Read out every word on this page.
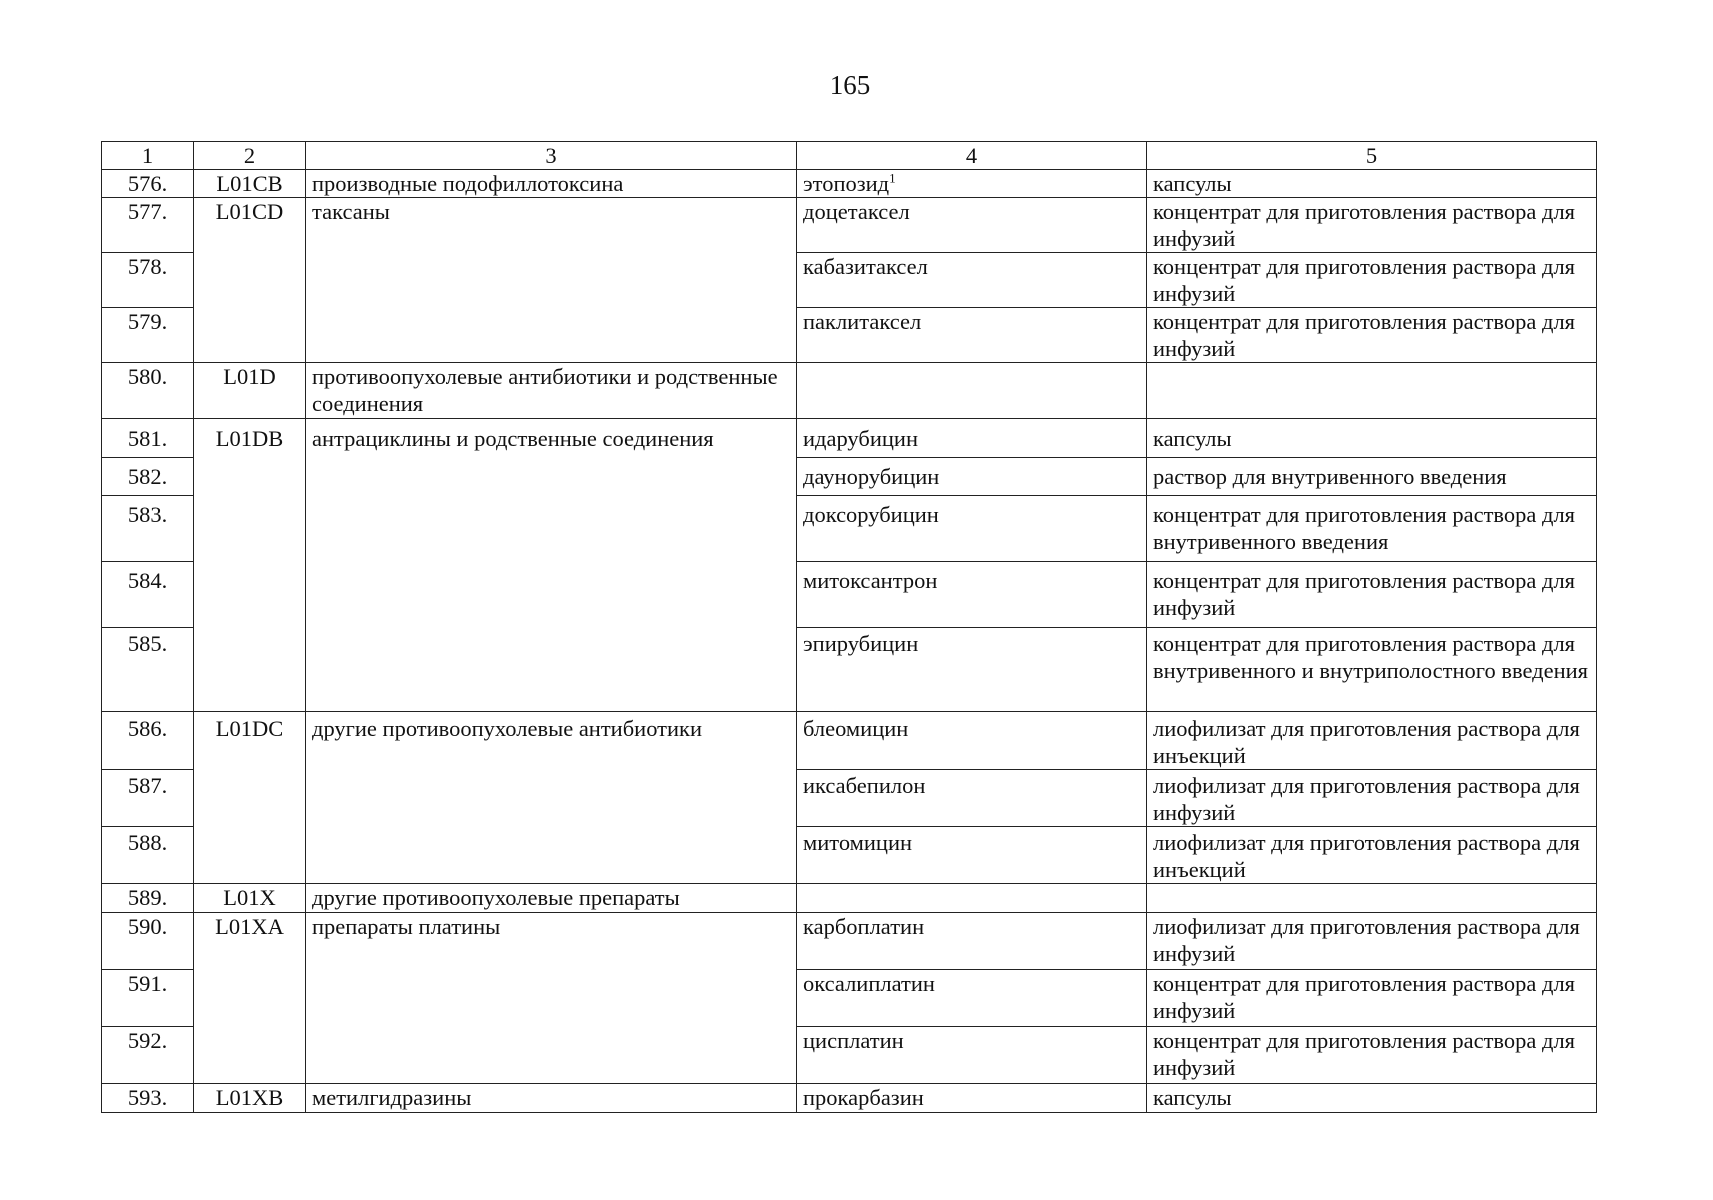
165
1	2	3	4	5
576.	L01CB	производные подофиллотоксина	этопозид$^1$	капсулы
577.	L01CD	таксаны	доцетаксел	концентрат для приготовления раствора для инфузий
578.			кабазитаксел	концентрат для приготовления раствора для инфузий
579.			паклитаксел	концентрат для приготовления раствора для инфузий
580.	L01D	противоопухолевые антибиотики и родственные соединения		
581.	L01DB	антрациклины и родственные соединения	идарубицин	капсулы
582.			даунорубицин	раствор для внутривенного введения
583.			доксорубицин	концентрат для приготовления раствора для внутривенного введения
584.			митоксантрон	концентрат для приготовления раствора для инфузий
585.			эпирубицин	концентрат для приготовления раствора для внутривенного и внутриполостного введения
586.	L01DC	другие противоопухолевые антибиотики	блеомицин	лиофилизат для приготовления раствора для инъекций
587.			иксабепилон	лиофилизат для приготовления раствора для инфузий
588.			митомицин	лиофилизат для приготовления раствора для инъекций
589.	L01X	другие противоопухолевые препараты		
590.	L01XA	препараты платины	карбоплатин	лиофилизат для приготовления раствора для инфузий
591.			оксалиплатин	концентрат для приготовления раствора для инфузий
592.			цисплатин	концентрат для приготовления раствора для инфузий
593.	L01XB	метилгидразины	прокарбазин	капсулы
